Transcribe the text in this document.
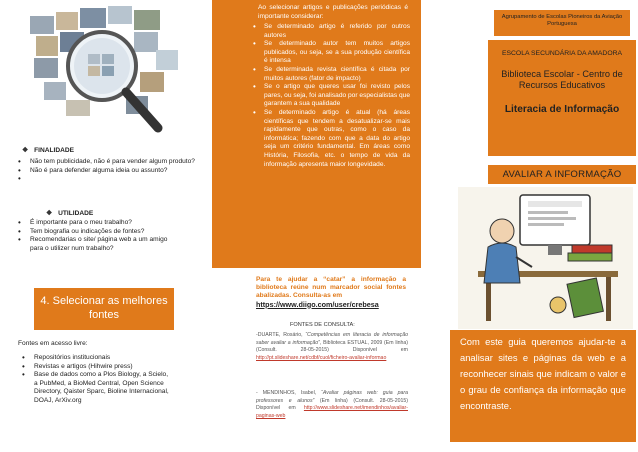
❖ FINALIDADE
• Não tem publicidade, não é para vender algum produto?
• Não é para defender alguma ideia ou assunto?
•
❖ UTILIDADE
• É importante para o meu trabalho?
• Tem biografia ou indicações de fontes?
• Recomendarias o site/ página web a um amigo para o utilizer num trabalho?
4. Selecionar as melhores fontes
Fontes em acesso livre:
• Repositórios institucionais
• Revistas e artigos (Hihwire press)
• Base de dados como a Plos Biology, a Scielo, a PubMed, a BioMed Central, Open Science Directory, Qaister Sparc, Bioline Internacional, DOAJ, ArXiv.org
Ao selecionar artigos e publicações periódicas é importante considerar:
• Se determinado artigo é referido por outros autores
• Se determinado autor tem muitos artigos publicados, ou seja, se a sua produção científica é intensa
• Se determinada revista científica é citada por muitos autores (fator de impacto)
• Se o artigo que queres usar foi revisto pelos pares, ou seja, foi analisado por especialistas que garantem a sua qualidade
• Se determinado artigo é atual (há áreas científicas que tendem a desatualizar-se mais rapidamente que outras, como o caso da informática; fazendo com que a data do artigo seja um critério fundamental. Em áreas como História, Filosofia, etc. o tempo de vida da informação apresenta maior longevidade.
Para te ajudar a “catar” a informação a biblioteca reúne num marcador social fontes abalizadas. Consulta-as em
https://www.diigo.com/user/crebesa
FONTES DE CONSULTA:
-DUARTE, Rosário, “Competências em literacia de informação saber avaliar a informação”, Biblioteca ESTUAL, 2009 (Em linha) (Consult. 28-05-2015) Disponível em http://pt.slideshare.net/cdbf/cuol/ficheiro-avaliar-informao
- MENDINHOS, Isabel, “Avaliar páginas web: guia para professores e alunos” (Em linha) (Consult. 28-05-2015) Disponível em http://www.slideshare.net/imendinhos/avaliar-paginas-web
Agrupamento de Escolas Pioneiros da Aviação Portuguesa
ESCOLA SECUNDÁRIA DA AMADORA
Biblioteca Escolar - Centro de Recursos Educativos
Literacia de Informação
AVALIAR A INFORMAÇÃO
Com este guia queremos ajudar-te a analisar sites e páginas da web e a reconhecer sinais que indicam o valor e o grau de confiança da informação que encontraste.
